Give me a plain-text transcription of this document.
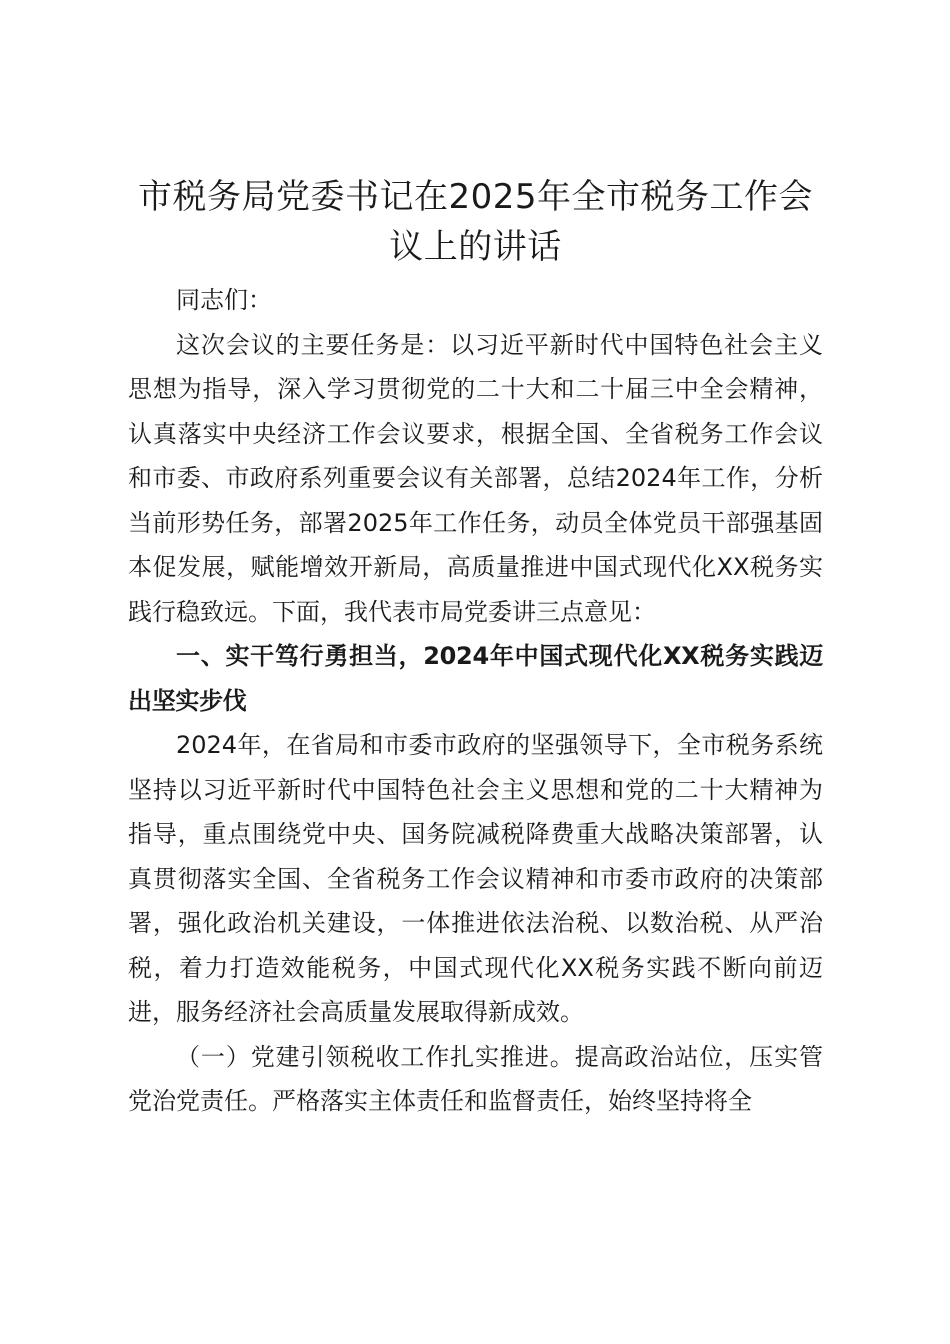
市税务局党委书记在2025年全市税务工作会议上的讲话

同志们：

这次会议的主要任务是：以习近平新时代中国特色社会主义思想为指导，深入学习贯彻党的二十大和二十届三中全会精神，认真落实中央经济工作会议要求，根据全国、全省税务工作会议和市委、市政府系列重要会议有关部署，总结2024年工作，分析当前形势任务，部署2025年工作任务，动员全体党员干部强基固本促发展，赋能增效开新局，高质量推进中国式现代化XX税务实践行稳致远。下面，我代表市局党委讲三点意见：

一、实干笃行勇担当，2024年中国式现代化XX税务实践迈出坚实步伐

2024年，在省局和市委市政府的坚强领导下，全市税务系统坚持以习近平新时代中国特色社会主义思想和党的二十大精神为指导，重点围绕党中央、国务院减税降费重大战略决策部署，认真贯彻落实全国、全省税务工作会议精神和市委市政府的决策部署，强化政治机关建设，一体推进依法治税、以数治税、从严治税，着力打造效能税务，中国式现代化XX税务实践不断向前迈进，服务经济社会高质量发展取得新成效。

（一）党建引领税收工作扎实推进。提高政治站位，压实管党治党责任。严格落实主体责任和监督责任，始终坚持将全
